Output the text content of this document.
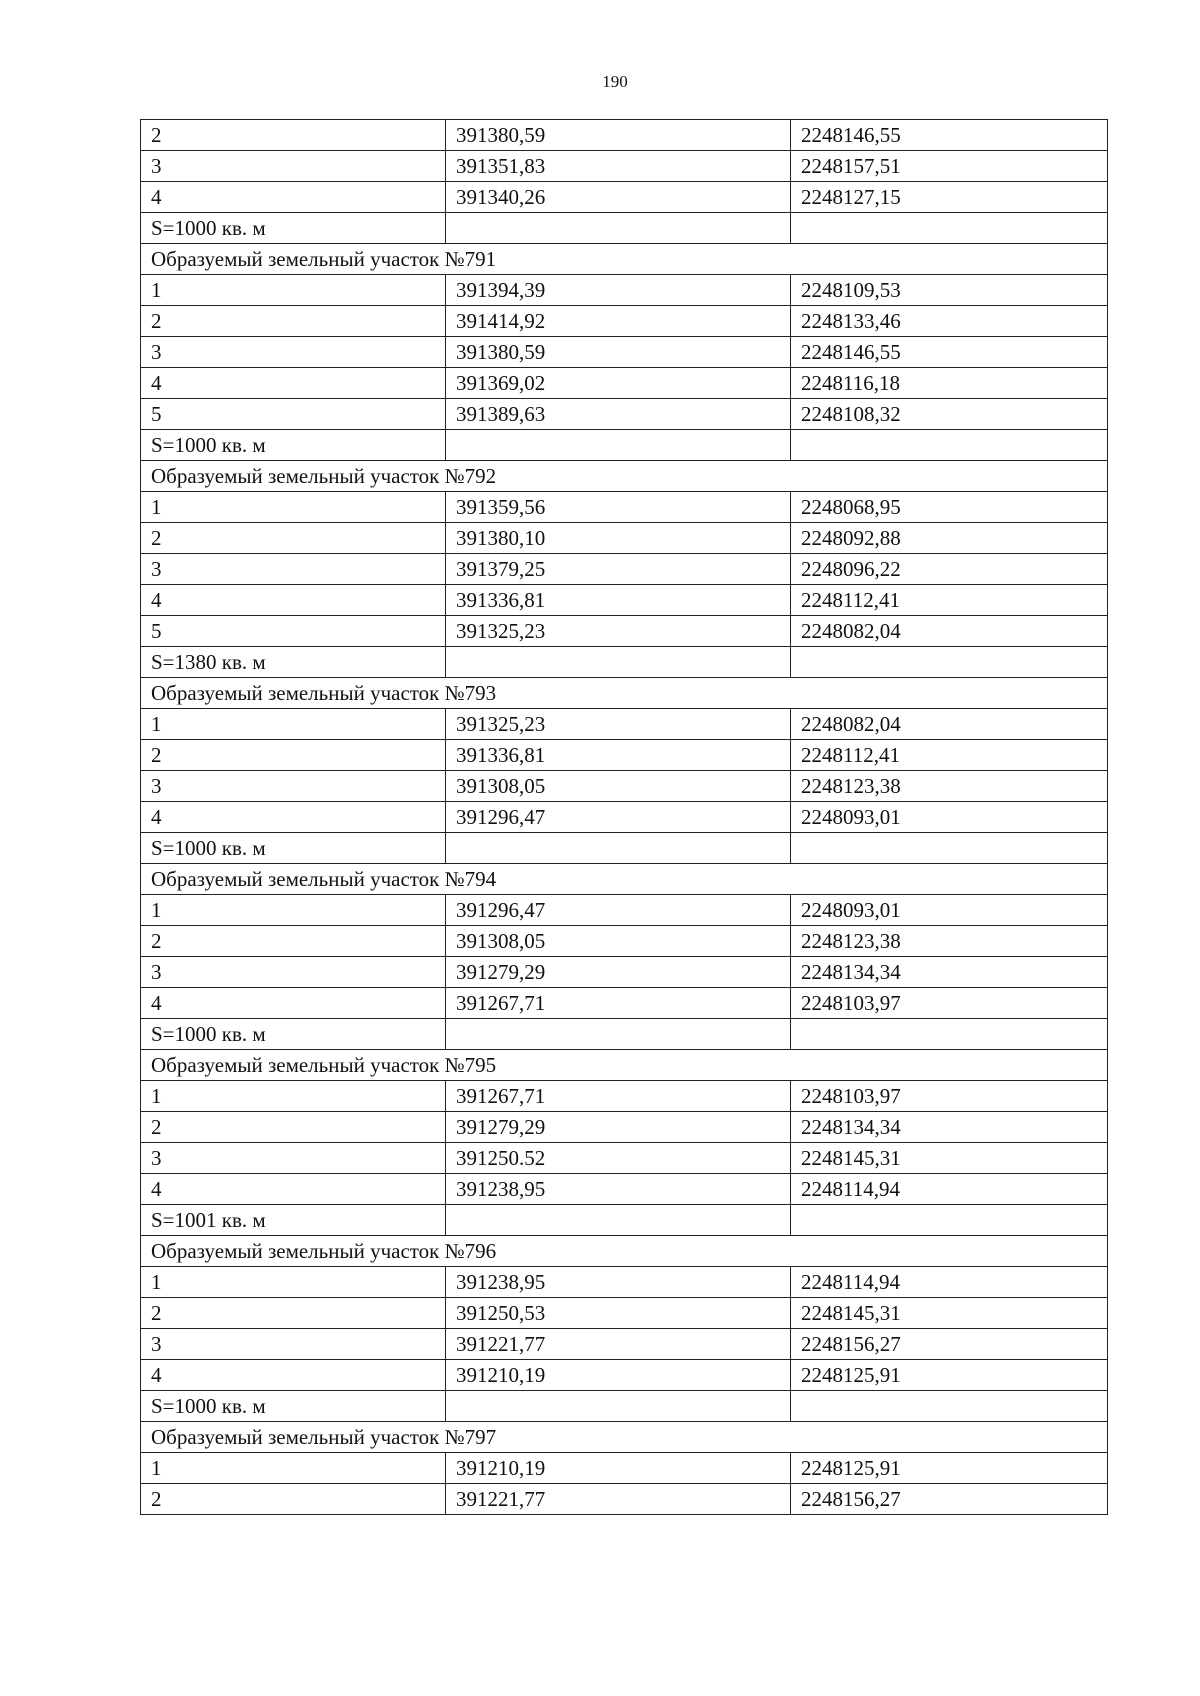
190
2	391380,59	2248146,55
3	391351,83	2248157,51
4	391340,26	2248127,15
S=1000 кв. м		
Образуемый земельный участок №791		
1	391394,39	2248109,53
2	391414,92	2248133,46
3	391380,59	2248146,55
4	391369,02	2248116,18
5	391389,63	2248108,32
S=1000 кв. м		
Образуемый земельный участок №792		
1	391359,56	2248068,95
2	391380,10	2248092,88
3	391379,25	2248096,22
4	391336,81	2248112,41
5	391325,23	2248082,04
S=1380 кв. м		
Образуемый земельный участок №793		
1	391325,23	2248082,04
2	391336,81	2248112,41
3	391308,05	2248123,38
4	391296,47	2248093,01
S=1000 кв. м		
Образуемый земельный участок №794		
1	391296,47	2248093,01
2	391308,05	2248123,38
3	391279,29	2248134,34
4	391267,71	2248103,97
S=1000 кв. м		
Образуемый земельный участок №795		
1	391267,71	2248103,97
2	391279,29	2248134,34
3	391250.52	2248145,31
4	391238,95	2248114,94
S=1001 кв. м		
Образуемый земельный участок №796		
1	391238,95	2248114,94
2	391250,53	2248145,31
3	391221,77	2248156,27
4	391210,19	2248125,91
S=1000 кв. м		
Образуемый земельный участок №797		
1	391210,19	2248125,91
2	391221,77	2248156,27
